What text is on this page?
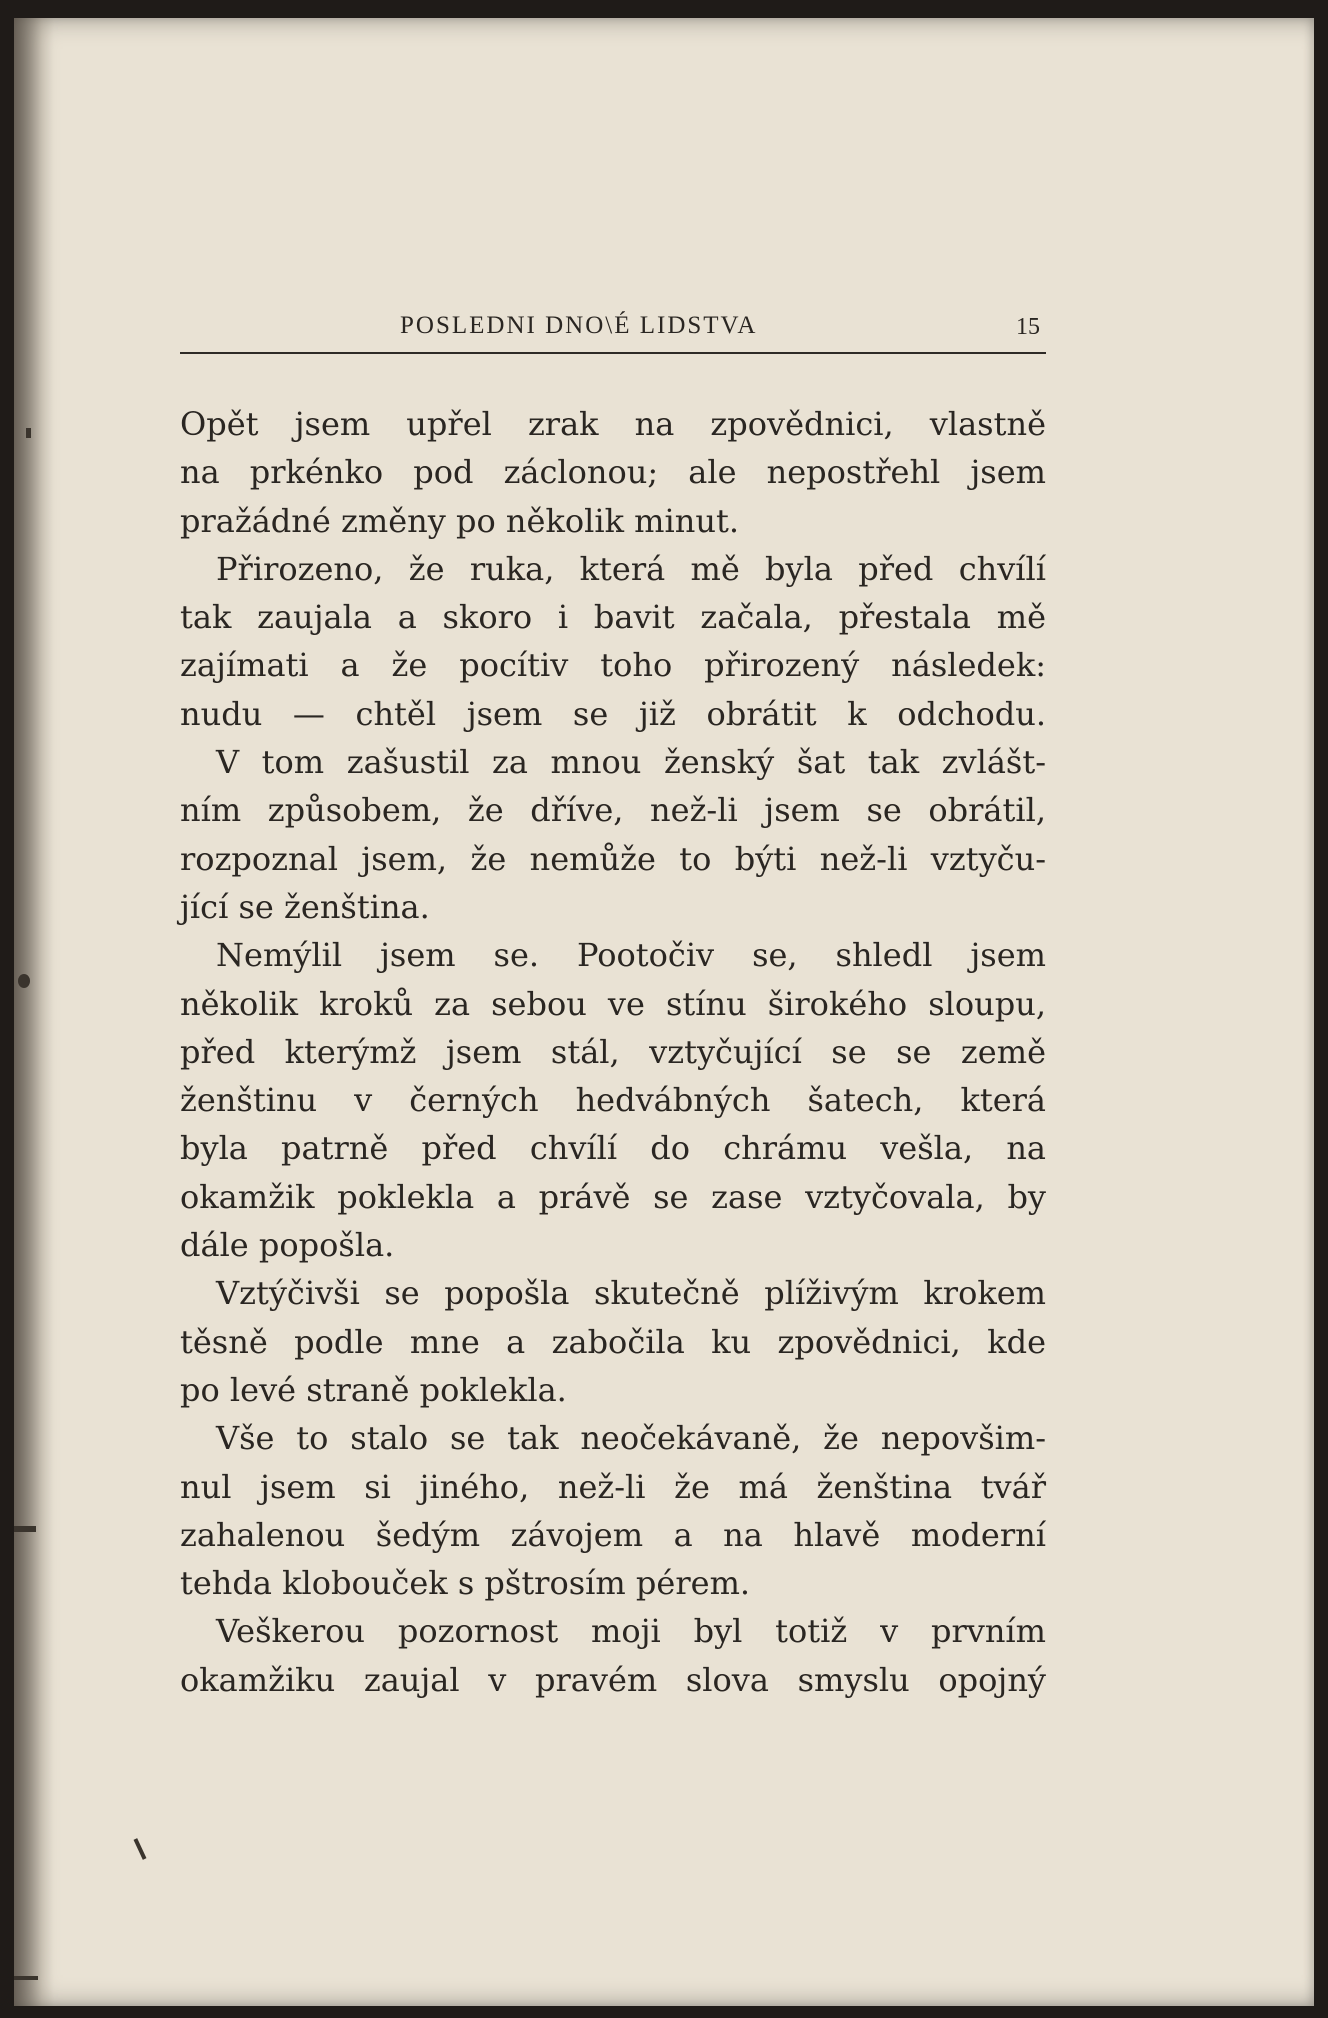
POSLEDNI DNO\É LIDSTVA	15
Opět jsem upřel zrak na zpovědnici, vlastně
na prkénko pod záclonou; ale nepostřehl jsem
pražádné změny po několik minut.
Přirozeno, že ruka, která mě byla před chvílí
tak zaujala a skoro i bavit začala, přestala mě
zajímati a že pocítiv toho přirozený následek:
nudu — chtěl jsem se již obrátit k odchodu.
V tom zašustil za mnou ženský šat tak zvlášt-
ním způsobem, že dříve, než-li jsem se obrátil,
rozpoznal jsem, že nemůže to býti než-li vztyču-
jící se ženština.
Nemýlil jsem se. Pootočiv se, shledl jsem
několik kroků za sebou ve stínu širokého sloupu,
před kterýmž jsem stál, vztyčující se se země
ženštinu v černých hedvábných šatech, která
byla patrně před chvílí do chrámu vešla, na
okamžik poklekla a právě se zase vztyčovala, by
dále popošla.
Vztýčivši se popošla skutečně plíživým krokem
těsně podle mne a zabočila ku zpovědnici, kde
po levé straně poklekla.
Vše to stalo se tak neočekávaně, že nepovšim-
nul jsem si jiného, než-li že má ženština tvář
zahalenou šedým závojem a na hlavě moderní
tehda klobouček s pštrosím pérem.
Veškerou pozornost moji byl totiž v prvním
okamžiku zaujal v pravém slova smyslu opojný
